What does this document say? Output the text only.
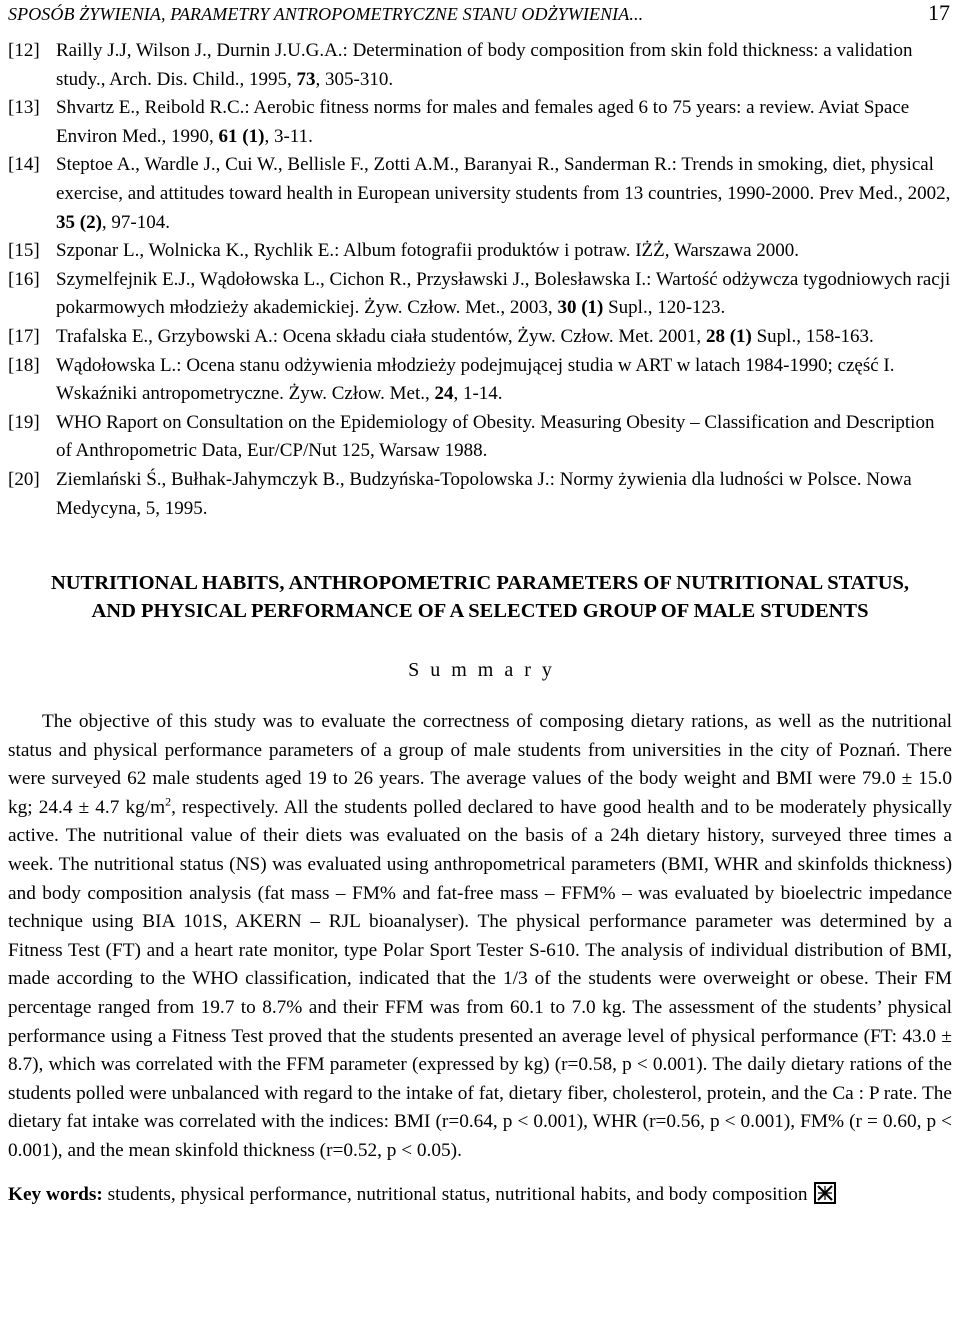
SPOSÓB ŻYWIENIA, PARAMETRY ANTROPOMETRYCZNE STANU ODŻYWIENIA...	17
[12] Railly J.J, Wilson J., Durnin J.U.G.A.: Determination of body composition from skin fold thickness: a validation study., Arch. Dis. Child., 1995, 73, 305-310.
[13] Shvartz E., Reibold R.C.: Aerobic fitness norms for males and females aged 6 to 75 years: a review. Aviat Space Environ Med., 1990, 61 (1), 3-11.
[14] Steptoe A., Wardle J., Cui W., Bellisle F., Zotti A.M., Baranyai R., Sanderman R.: Trends in smoking, diet, physical exercise, and attitudes toward health in European university students from 13 countries, 1990-2000. Prev Med., 2002, 35 (2), 97-104.
[15] Szponar L., Wolnicka K., Rychlik E.: Album fotografii produktów i potraw. IŻŻ, Warszawa 2000.
[16] Szymelfejnik E.J., Wądołowska L., Cichon R., Przysławski J., Bolesławska I.: Wartość odżywcza tygodniowych racji pokarmowych młodzieży akademickiej. Żyw. Człow. Met., 2003, 30 (1) Supl., 120-123.
[17] Trafalska E., Grzybowski A.: Ocena składu ciała studentów, Żyw. Człow. Met. 2001, 28 (1) Supl., 158-163.
[18] Wądołowska L.: Ocena stanu odżywienia młodzieży podejmującej studia w ART w latach 1984-1990; część I. Wskaźniki antropometryczne. Żyw. Człow. Met., 24, 1-14.
[19] WHO Raport on Consultation on the Epidemiology of Obesity. Measuring Obesity – Classification and Description of Anthropometric Data, Eur/CP/Nut 125, Warsaw 1988.
[20] Ziemlański Ś., Bułhak-Jahymczyk B., Budzyńska-Topolowska J.: Normy żywienia dla ludności w Polsce. Nowa Medycyna, 5, 1995.
NUTRITIONAL HABITS, ANTHROPOMETRIC PARAMETERS OF NUTRITIONAL STATUS,
AND PHYSICAL PERFORMANCE OF A SELECTED GROUP OF MALE STUDENTS
Summary
The objective of this study was to evaluate the correctness of composing dietary rations, as well as the nutritional status and physical performance parameters of a group of male students from universities in the city of Poznań. There were surveyed 62 male students aged 19 to 26 years. The average values of the body weight and BMI were 79.0 ± 15.0 kg; 24.4 ± 4.7 $kg/m^2$, respectively. All the students polled declared to have good health and to be moderately physically active. The nutritional value of their diets was evaluated on the basis of a 24h dietary history, surveyed three times a week. The nutritional status (NS) was evaluated using anthropometrical parameters (BMI, WHR and skinfolds thickness) and body composition analysis (fat mass – FM% and fat-free mass – FFM% – was evaluated by bioelectric impedance technique using BIA 101S, AKERN – RJL bioanalyser). The physical performance parameter was determined by a Fitness Test (FT) and a heart rate monitor, type Polar Sport Tester S-610. The analysis of individual distribution of BMI, made according to the WHO classification, indicated that the 1/3 of the students were overweight or obese. Their FM percentage ranged from 19.7 to 8.7% and their FFM was from 60.1 to 7.0 kg. The assessment of the students’ physical performance using a Fitness Test proved that the students presented an average level of physical performance (FT: 43.0 ± 8.7), which was correlated with the FFM parameter (expressed by kg) (r=0.58, p < 0.001). The daily dietary rations of the students polled were unbalanced with regard to the intake of fat, dietary fiber, cholesterol, protein, and the Ca : P rate. The dietary fat intake was correlated with the indices: BMI (r=0.64, p < 0.001), WHR (r=0.56, p < 0.001), FM% (r = 0.60, p < 0.001), and the mean skinfold thickness (r=0.52, p < 0.05).
Key words: students, physical performance, nutritional status, nutritional habits, and body composition
